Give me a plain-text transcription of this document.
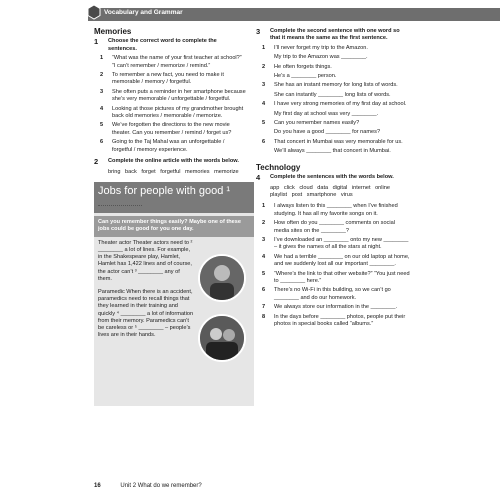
Vocabulary and Grammar
Memories
1	Choose the correct word to complete the sentences.
1	“What was the name of your first teacher at school?” “I can’t remember / memorize / remind.”
2	To remember a new fact, you need to make it memorable / memory / forgetful.
3	She often puts a reminder in her smartphone because she’s very memorable / unforgettable / forgetful.
4	Looking at those pictures of my grandmother brought back old memories / memorable / memorize.
5	We’ve forgotten the directions to the new movie theater. Can you remember / remind / forget us?
6	Going to the Taj Mahal was an unforgettable / forgetful / memory experience.
2	Complete the online article with the words below.
bring back forget forgetful memories memorize
Jobs for people with good ¹
Can you remember things easily? Maybe one of these jobs could be good for you one day.
Theater actor Theater actors need to ² ________ a lot of lines. For example, in the Shakespeare play, Hamlet, Hamlet has 1,422 lines and of course, the actor can’t ³ ________ any of them.
Paramedic When there is an accident, paramedics need to recall things that they learned in their training and quickly ⁴ ________ a lot of information from their memory. Paramedics can’t be careless or ⁵ ________ – people’s lives are in their hands.
3	Complete the second sentence with one word so that it means the same as the first sentence.
1	I’ll never forget my trip to the Amazon.
My trip to the Amazon was ________.
2	He often forgets things.
He’s a ________ person.
3	She has an instant memory for long lists of words.
She can instantly ________ long lists of words.
4	I have very strong memories of my first day at school.
My first day at school was very ________.
5	Can you remember names easily?
Do you have a good ________ for names?
6	That concert in Mumbai was very memorable for us.
We’ll always ________ that concert in Mumbai.
Technology
4	Complete the sentences with the words below.
app click cloud data digital internet online playlist post smartphone virus
1	I always listen to this ________ when I’ve finished studying. It has all my favorite songs on it.
2	How often do you ________ comments on social media sites on the ________?
3	I’ve downloaded an ________ onto my new ________ – it gives the names of all the stars at night.
4	We had a terrible ________ on our old laptop at home, and we suddenly lost all our important ________.
5	“Where’s the link to that other website?” “You just need to ________ here.”
6	There’s no Wi-Fi in this building, so we can’t go ________ and do our homework.
7	We always store our information in the ________.
8	In the days before ________ photos, people put their photos in special books called “albums.”
16	Unit 2 What do we remember?
